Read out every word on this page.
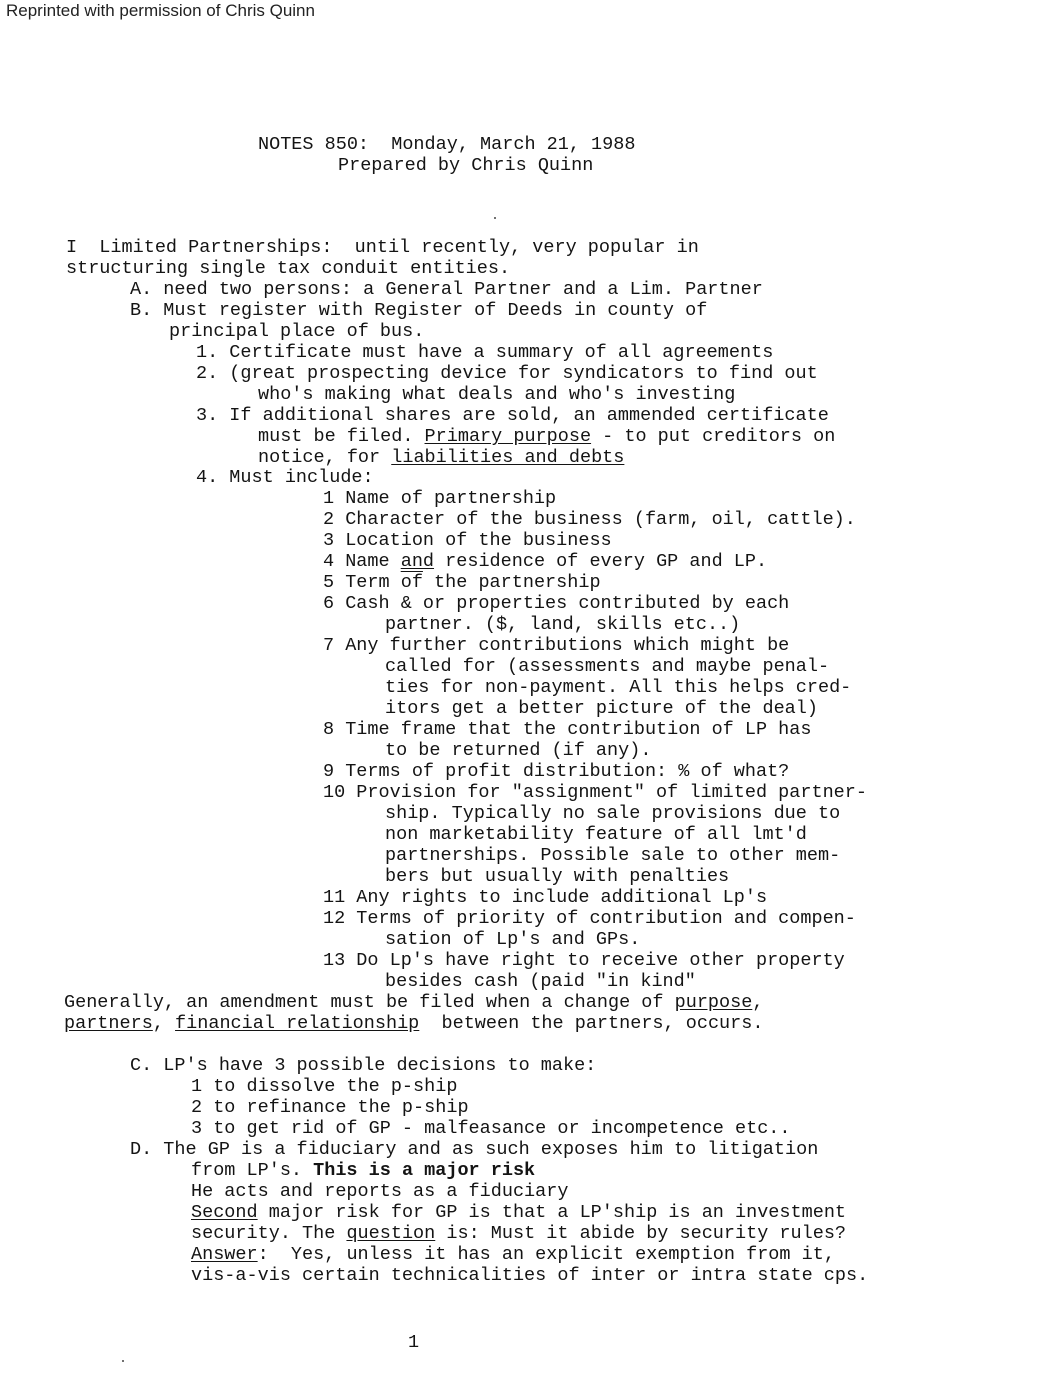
Reprinted with permission of Chris Quinn
NOTES 850:  Monday, March 21, 1988
Prepared by Chris Quinn
I  Limited Partnerships:  until recently, very popular in
structuring single tax conduit entities.
A. need two persons: a General Partner and a Lim. Partner
B. Must register with Register of Deeds in county of
principal place of bus.
1. Certificate must have a summary of all agreements
2. (great prospecting device for syndicators to find out
who's making what deals and who's investing
3. If additional shares are sold, an ammended certificate
must be filed. Primary purpose - to put creditors on
notice, for liabilities and debts
4. Must include:
1 Name of partnership
2 Character of the business (farm, oil, cattle).
3 Location of the business
4 Name and residence of every GP and LP.
5 Term $\overline{of}$ the partnership
6 Cash & or properties contributed by each
partner. ($, land, skills etc..)
7 Any further contributions which might be
called for (assessments and maybe penal-
ties for non-payment. All this helps cred-
itors get a better picture of the deal)
8 Time frame that the contribution of LP has
to be returned (if any).
9 Terms of profit distribution: % of what?
10 Provision for "assignment" of limited partner-
ship. Typically no sale provisions due to
non marketability feature of all lmt'd
partnerships. Possible sale to other mem-
bers but usually with penalties
11 Any rights to include additional Lp's
12 Terms of priority of contribution and compen-
sation of Lp's and GPs.
13 Do Lp's have right to receive other property
besides cash (paid "in kind"
Generally, an amendment must be filed when a change of purpose,
partners, financial relationship  between the partners, occurs.
C. LP's have 3 possible decisions to make:
1 to dissolve the p-ship
2 to refinance the p-ship
3 to get rid of GP - malfeasance or incompetence etc..
D. The GP is a fiduciary and as such exposes him to litigation
from LP's. This is a major risk
He acts and reports as a fiduciary
Second major risk for GP is that a LP'ship is an investment
security. The question is: Must it abide by security rules?
Answer:  Yes, unless it has an explicit exemption from it,
vis-a-vis certain technicalities of inter or intra state cps.
1
